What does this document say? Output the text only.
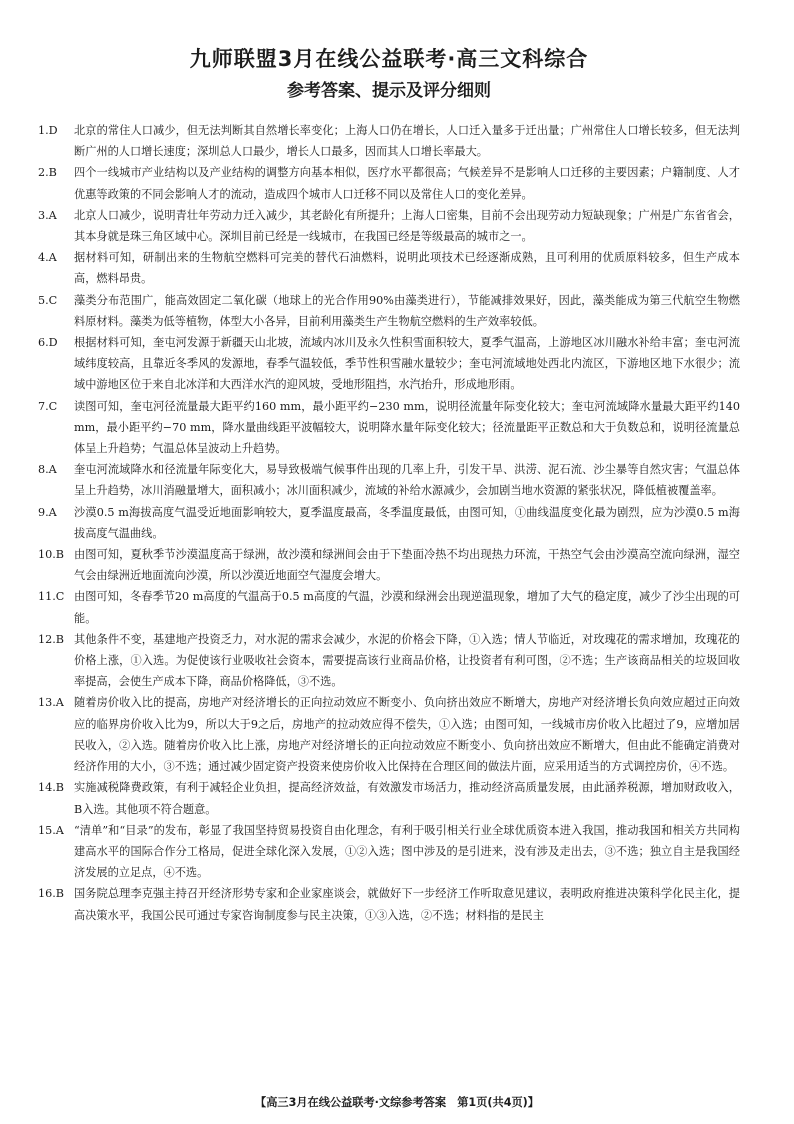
九师联盟3月在线公益联考·高三文科综合
参考答案、提示及评分细则
1.D	北京的常住人口减少，但无法判断其自然增长率变化；上海人口仍在增长，人口迁入量多于迁出量；广州常住人口增长较多，但无法判断广州的人口增长速度；深圳总人口最少，增长人口最多，因而其人口增长率最大。
2.B	四个一线城市产业结构以及产业结构的调整方向基本相似，医疗水平都很高；气候差异不是影响人口迁移的主要因素；户籍制度、人才优惠等政策的不同会影响人才的流动，造成四个城市人口迁移不同以及常住人口的变化差异。
3.A	北京人口减少，说明青壮年劳动力迁入减少，其老龄化有所提升；上海人口密集，目前不会出现劳动力短缺现象；广州是广东省省会，其本身就是珠三角区域中心。深圳目前已经是一线城市，在我国已经是等级最高的城市之一。
4.A	据材料可知，研制出来的生物航空燃料可完美的替代石油燃料，说明此项技术已经逐渐成熟，且可利用的优质原料较多，但生产成本高，燃料昂贵。
5.C	藻类分布范围广，能高效固定二氧化碳（地球上的光合作用90%由藻类进行），节能减排效果好，因此，藻类能成为第三代航空生物燃料原材料。藻类为低等植物，体型大小各异，目前利用藻类生产生物航空燃料的生产效率较低。
6.D	根据材料可知，奎屯河发源于新疆天山北坡，流域内冰川及永久性积雪面积较大，夏季气温高，上游地区冰川融水补给丰富；奎屯河流域纬度较高，且靠近冬季风的发源地，春季气温较低，季节性积雪融水量较少；奎屯河流域地处西北内流区，下游地区地下水很少；流域中游地区位于来自北冰洋和大西洋水汽的迎风坡，受地形阻挡，水汽抬升，形成地形雨。
7.C	读图可知，奎屯河径流量最大距平约160 mm，最小距平约−230 mm，说明径流量年际变化较大；奎屯河流域降水量最大距平约140 mm，最小距平约−70 mm，降水量曲线距平波幅较大，说明降水量年际变化较大；径流量距平正数总和大于负数总和，说明径流量总体呈上升趋势；气温总体呈波动上升趋势。
8.A	奎屯河流域降水和径流量年际变化大，易导致极端气候事件出现的几率上升，引发干旱、洪涝、泥石流、沙尘暴等自然灾害；气温总体呈上升趋势，冰川消融量增大，面积减小；冰川面积减少，流域的补给水源减少，会加剧当地水资源的紧张状况，降低植被覆盖率。
9.A	沙漠0.5 m海拔高度气温受近地面影响较大，夏季温度最高，冬季温度最低，由图可知，①曲线温度变化最为剧烈，应为沙漠0.5 m海拔高度气温曲线。
10.B 由图可知，夏秋季节沙漠温度高于绿洲，故沙漠和绿洲间会由于下垫面冷热不均出现热力环流，干热空气会由沙漠高空流向绿洲，湿空气会由绿洲近地面流向沙漠，所以沙漠近地面空气湿度会增大。
11.C 由图可知，冬春季节20 m高度的气温高于0.5 m高度的气温，沙漠和绿洲会出现逆温现象，增加了大气的稳定度，减少了沙尘出现的可能。
12.B 其他条件不变，基建地产投资乏力，对水泥的需求会减少，水泥的价格会下降，①入选；情人节临近，对玫瑰花的需求增加，玫瑰花的价格上涨，①入选。为促使该行业吸收社会资本，需要提高该行业商品价格，让投资者有利可图，②不选；生产该商品相关的垃圾回收率提高，会使生产成本下降，商品价格降低，③不选。
13.A 随着房价收入比的提高，房地产对经济增长的正向拉动效应不断变小、负向挤出效应不断增大，房地产对经济增长负向效应超过正向效应的临界房价收入比为9，所以大于9之后，房地产的拉动效应得不偿失，①入选；由图可知，一线城市房价收入比超过了9，应增加居民收入，②入选。随着房价收入比上涨，房地产对经济增长的正向拉动效应不断变小、负向挤出效应不断增大，但由此不能确定消费对经济作用的大小，③不选；通过减少固定资产投资来使房价收入比保持在合理区间的做法片面，应采用适当的方式调控房价，④不选。
14.B 实施减税降费政策，有利于减轻企业负担，提高经济效益，有效激发市场活力，推动经济高质量发展，由此涵养税源，增加财政收入，B入选。其他项不符合题意。
15.A “清单”和“目录”的发布，彰显了我国坚持贸易投资自由化理念，有利于吸引相关行业全球优质资本进入我国，推动我国和相关方共同构建高水平的国际合作分工格局，促进全球化深入发展，①②入选；图中涉及的是引进来，没有涉及走出去，③不选；独立自主是我国经济发展的立足点，④不选。
16.B 国务院总理李克强主持召开经济形势专家和企业家座谈会，就做好下一步经济工作听取意见建议，表明政府推进决策科学化民主化，提高决策水平，我国公民可通过专家咨询制度参与民主决策，①③入选，②不选；材料指的是民主
【高三3月在线公益联考·文综参考答案　第1页(共4页)】
